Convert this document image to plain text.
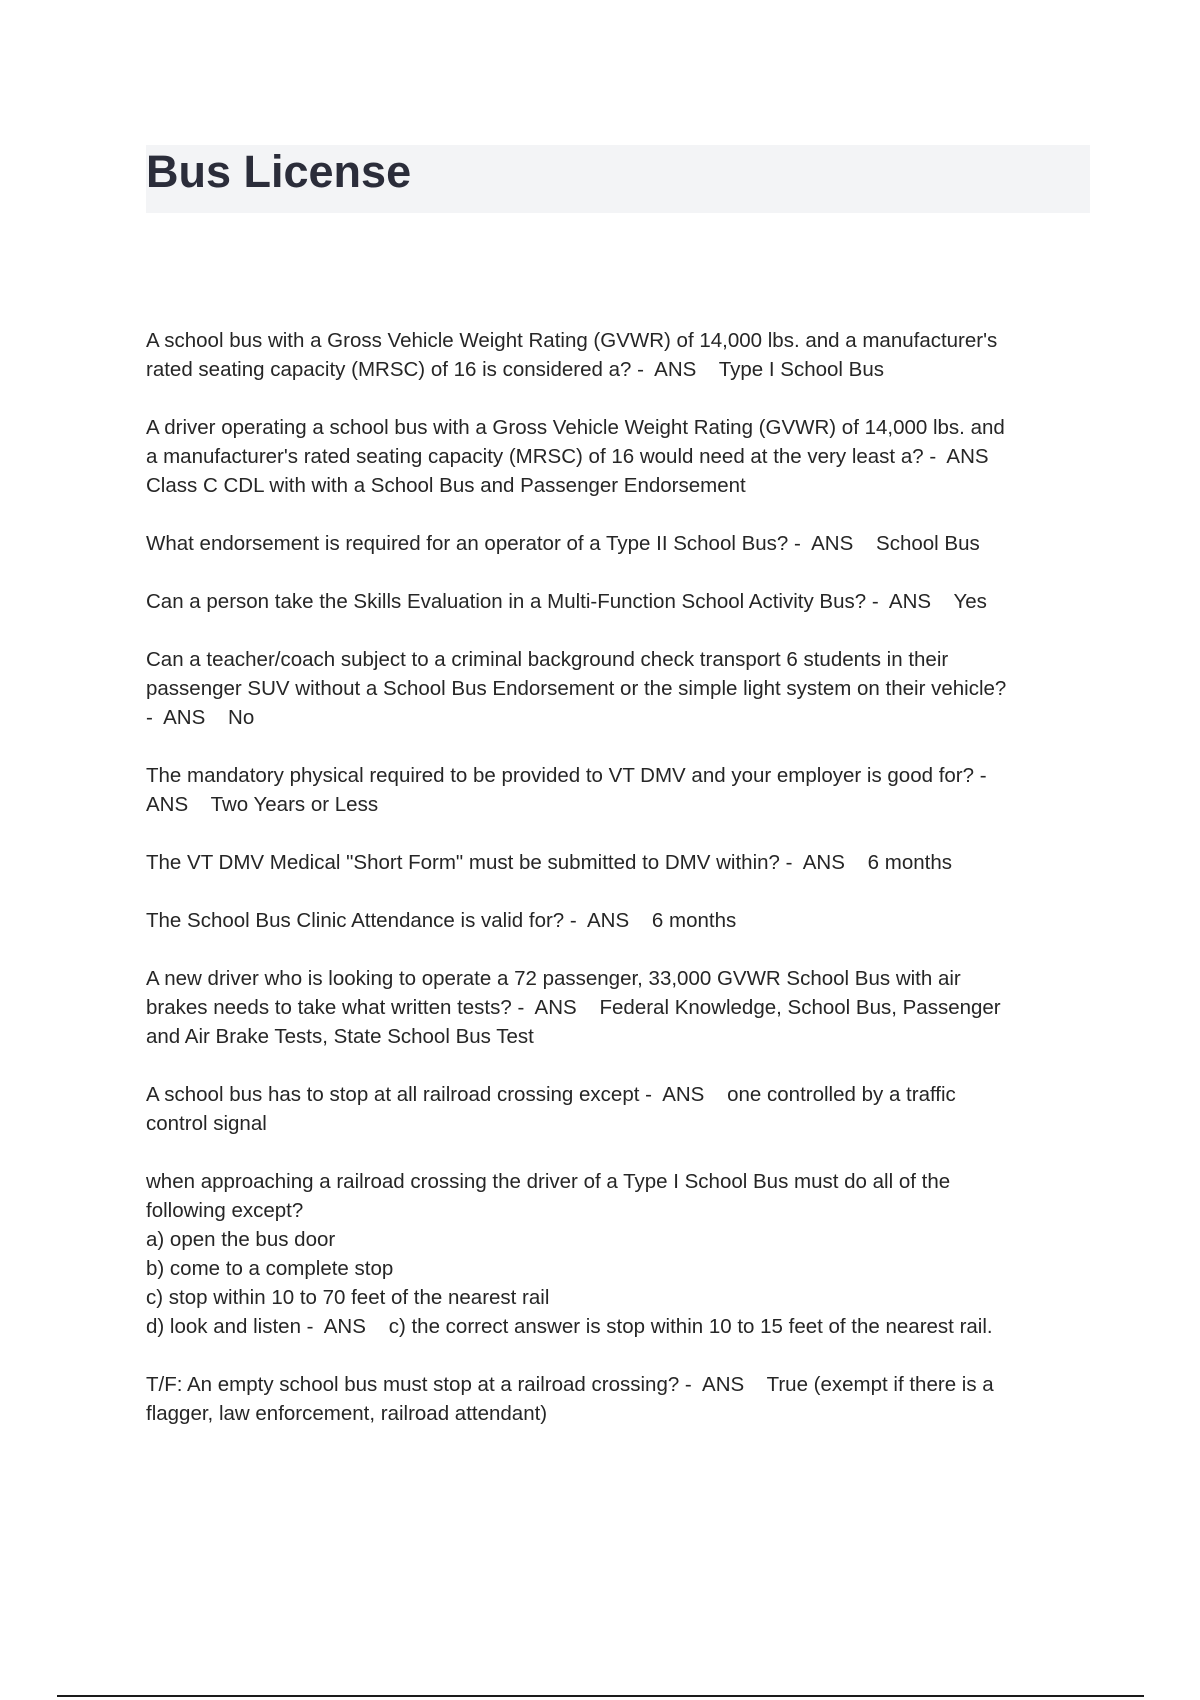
Bus License

A school bus with a Gross Vehicle Weight Rating (GVWR) of 14,000 lbs. and a manufacturer's
rated seating capacity (MRSC) of 16 is considered a? -  ANS    Type I School Bus

A driver operating a school bus with a Gross Vehicle Weight Rating (GVWR) of 14,000 lbs. and
a manufacturer's rated seating capacity (MRSC) of 16 would need at the very least a? -  ANS
Class C CDL with with a School Bus and Passenger Endorsement

What endorsement is required for an operator of a Type II School Bus? -  ANS    School Bus

Can a person take the Skills Evaluation in a Multi-Function School Activity Bus? -  ANS    Yes

Can a teacher/coach subject to a criminal background check transport 6 students in their
passenger SUV without a School Bus Endorsement or the simple light system on their vehicle?
-  ANS    No

The mandatory physical required to be provided to VT DMV and your employer is good for? -
ANS    Two Years or Less

The VT DMV Medical "Short Form" must be submitted to DMV within? -  ANS    6 months

The School Bus Clinic Attendance is valid for? -  ANS    6 months

A new driver who is looking to operate a 72 passenger, 33,000 GVWR School Bus with air
brakes needs to take what written tests? -  ANS    Federal Knowledge, School Bus, Passenger
and Air Brake Tests, State School Bus Test

A school bus has to stop at all railroad crossing except -  ANS    one controlled by a traffic
control signal

when approaching a railroad crossing the driver of a Type I School Bus must do all of the
following except?
a) open the bus door
b) come to a complete stop
c) stop within 10 to 70 feet of the nearest rail
d) look and listen -  ANS    c) the correct answer is stop within 10 to 15 feet of the nearest rail.

T/F: An empty school bus must stop at a railroad crossing? -  ANS    True (exempt if there is a
flagger, law enforcement, railroad attendant)
